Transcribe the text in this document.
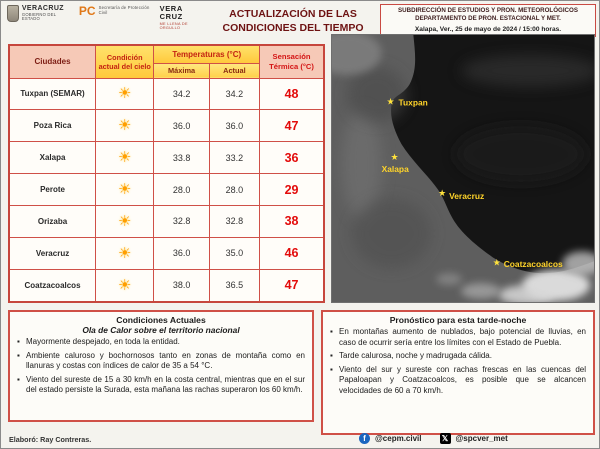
VERACRUZ
GOBIERNO DEL ESTADO
PC Secretaría de Protección Civil	VERA CRUZ
ME LLENA DE ORGULLO
ACTUALIZACIÓN DE LAS
CONDICIONES DEL TIEMPO
SUBDIRECCIÓN DE ESTUDIOS Y PRON. METEOROLÓGICOS
DEPARTAMENTO DE PRON. ESTACIONAL Y MET.
Xalapa, Ver., 25 de mayo de 2024 / 15:00 horas.
Ciudades	Condición actual del cielo	Temperaturas (°C)		Sensación Térmica (°C)
		Máxima	Actual	
Tuxpan (SEMAR)	☀	34.2	34.2	48
Poza Rica	☀	36.0	36.0	47
Xalapa	☀	33.8	33.2	36
Perote	☀	28.0	28.0	29
Orizaba	☀	32.8	32.8	38
Veracruz	☀	36.0	35.0	46
Coatzacoalcos	☀	38.0	36.5	47
★ Tuxpan
★
Xalapa
★ Veracruz
★ Coatzacoalcos
Condiciones Actuales
Ola de Calor sobre el territorio nacional
▪ Mayormente despejado, en toda la entidad.
▪ Ambiente caluroso y bochornosos tanto en zonas de montaña como en llanuras y costas con índices de calor de 35 a 54 °C.
▪ Viento del sureste de 15 a 30 km/h en la costa central, mientras que en el sur del estado persiste la Surada, esta mañana las rachas superaron los 60 km/h.
Pronóstico para esta tarde-noche
▪ En montañas aumento de nublados, bajo potencial de lluvias, en caso de ocurrir sería entre los límites con el Estado de Puebla.
▪ Tarde calurosa, noche y madrugada cálida.
▪ Viento del sur y sureste con rachas frescas en las cuencas del Papaloapan y Coatzacoalcos, es posible que se alcancen velocidades de 60 a 70 km/h.
Elaboró: Ray Contreras.	f	@cepm.civil	𝕏 @spcver_met
